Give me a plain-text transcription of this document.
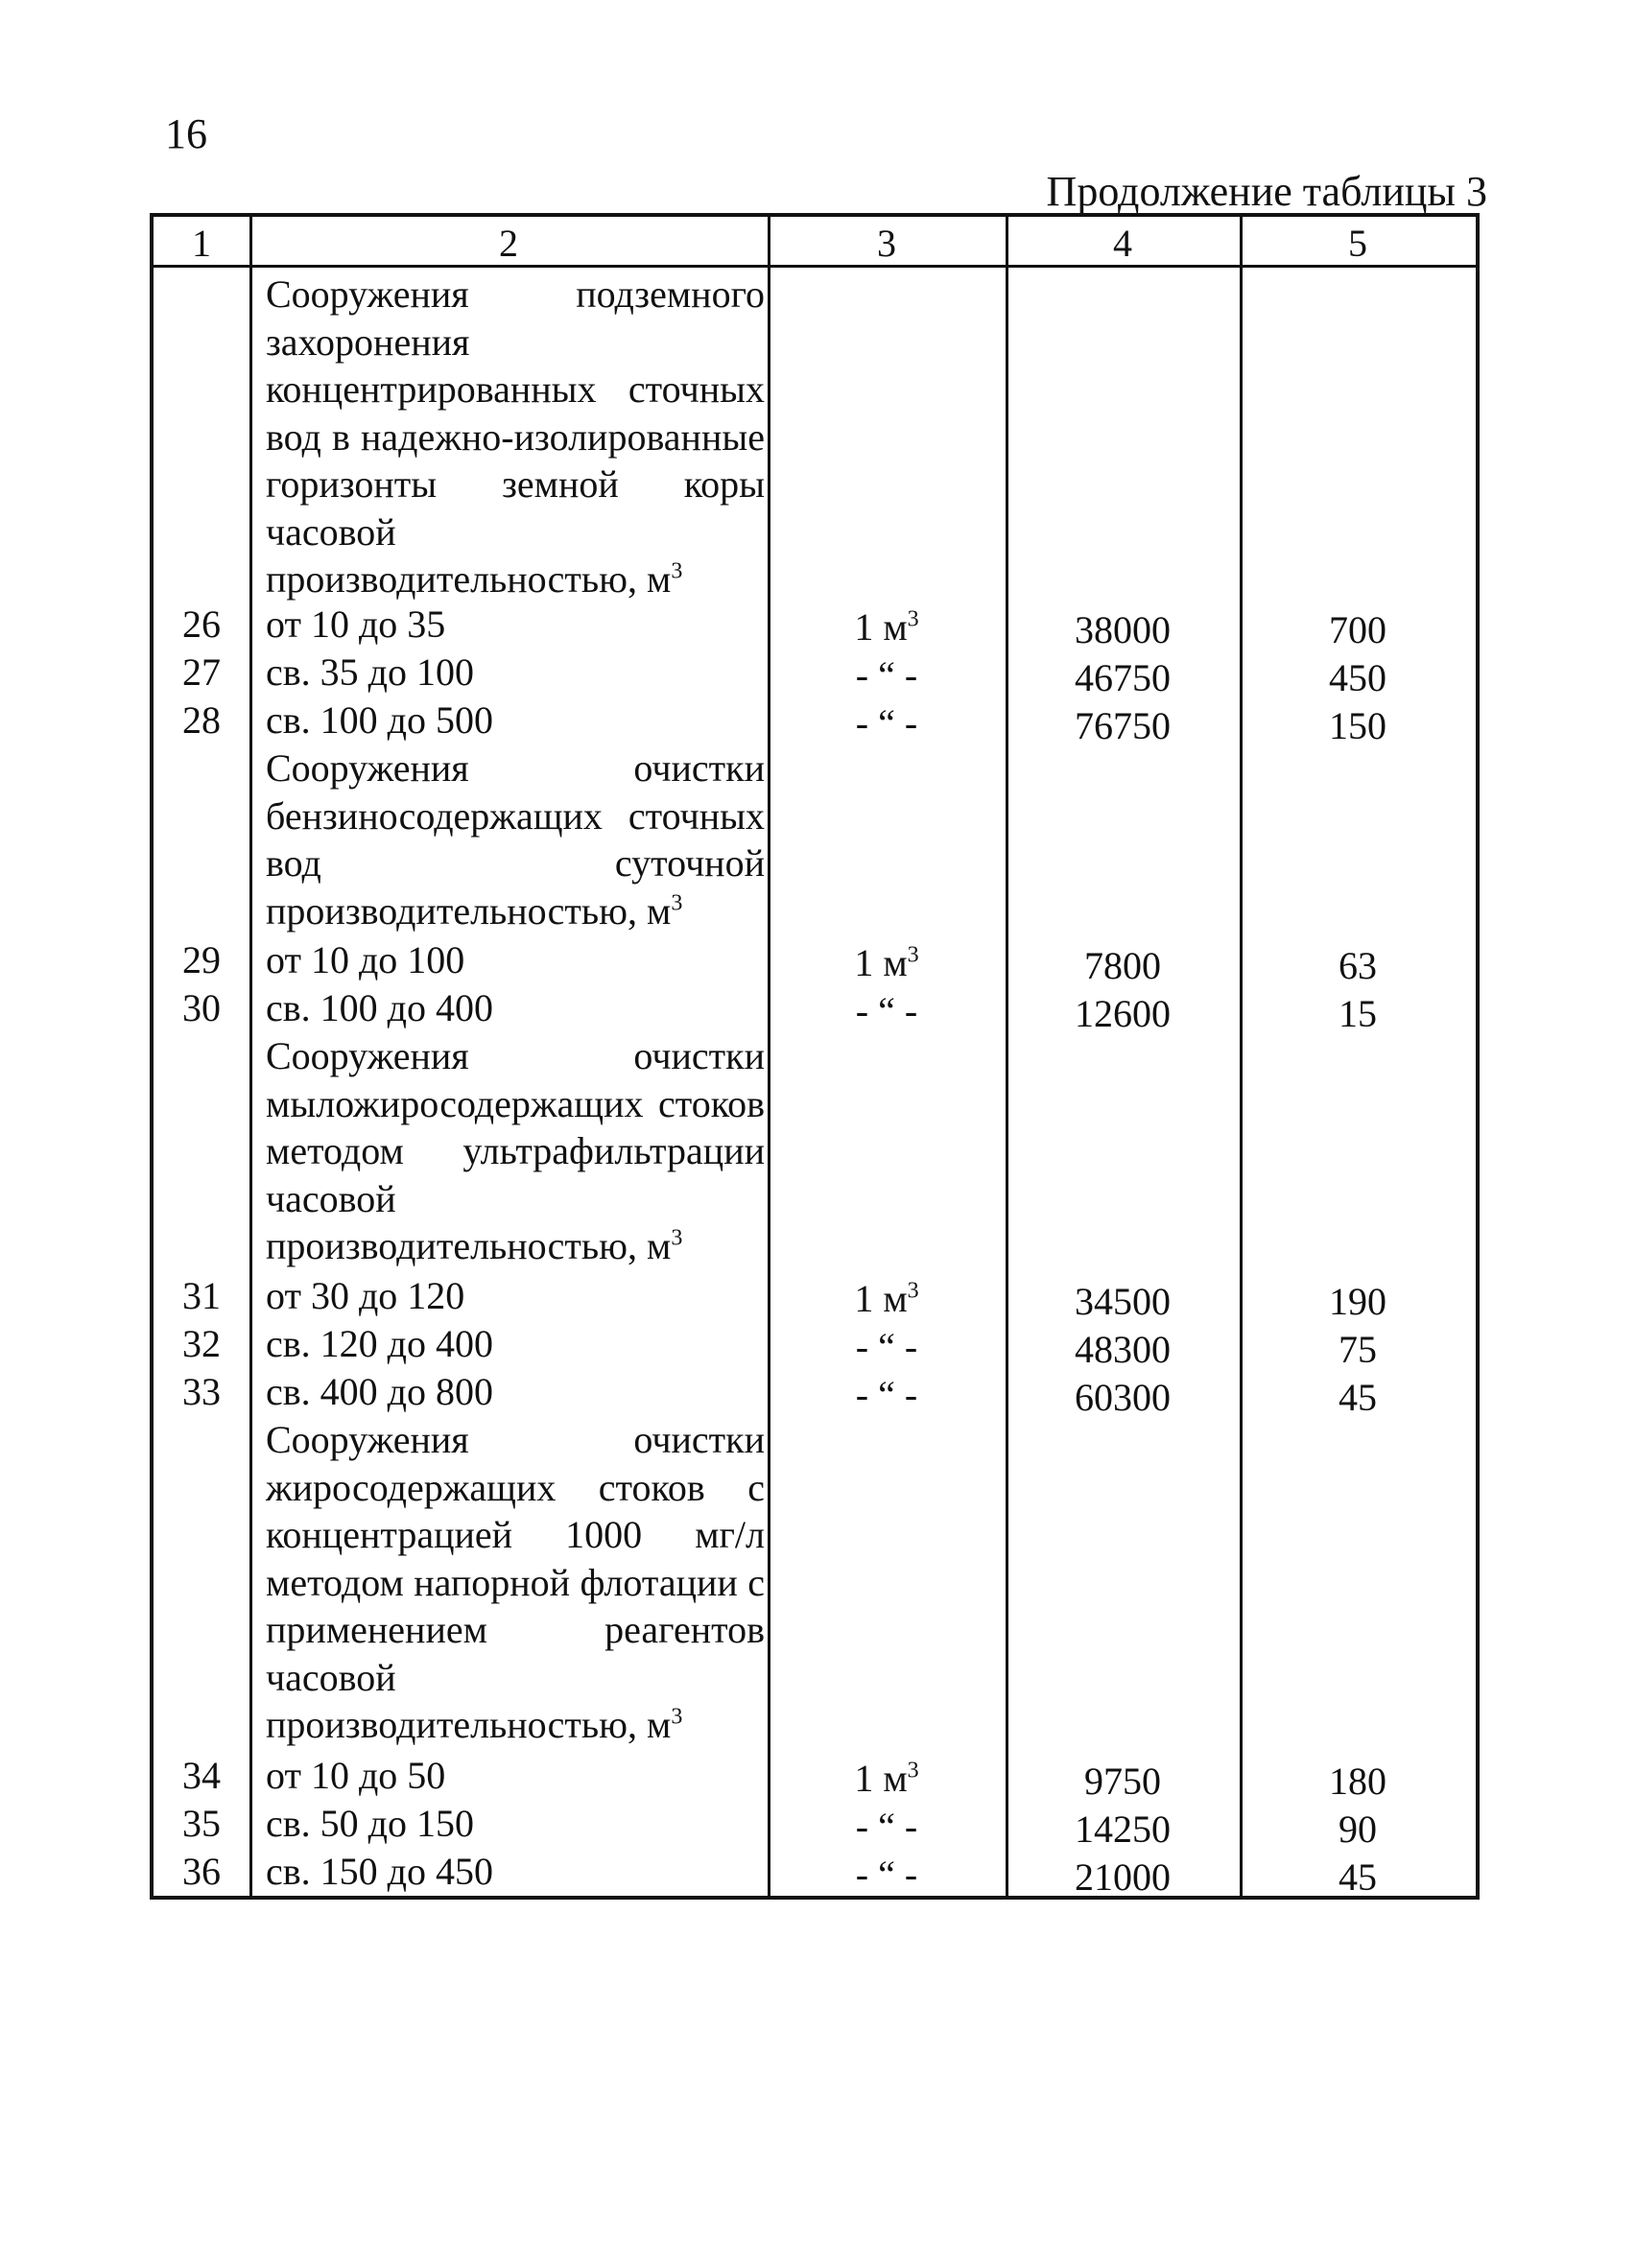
16
Продолжение таблицы 3
1	2	3	4	5
Сооружения подземного захоронения концентрированных сточных вод в надежно-изолированные горизонты земной коры часовой производительностью, $м^3$
26	от 10 до 35	1 $м^3$	38000	700
27	св. 35 до 100	- “ -	46750	450
28	св. 100 до 500	- “ -	76750	150
Сооружения очистки бензиносодержащих сточных вод суточной производительностью, $м^3$
29	от 10 до 100	1 $м^3$	7800	63
30	св. 100 до 400	- “ -	12600	15
Сооружения очистки мыложиросодержащих стоков методом ультрафильтрации часовой производительностью, $м^3$
31	от 30 до 120	1 $м^3$	34500	190
32	св. 120 до 400	- “ -	48300	75
33	св. 400 до 800	- “ -	60300	45
Сооружения очистки жиросодержащих стоков с концентрацией 1000 мг/л методом напорной флотации с применением реагентов часовой производительностью, $м^3$
34	от 10 до 50	1 $м^3$	9750	180
35	св. 50 до 150	- “ -	14250	90
36	св. 150 до 450	- “ -	21000	45
